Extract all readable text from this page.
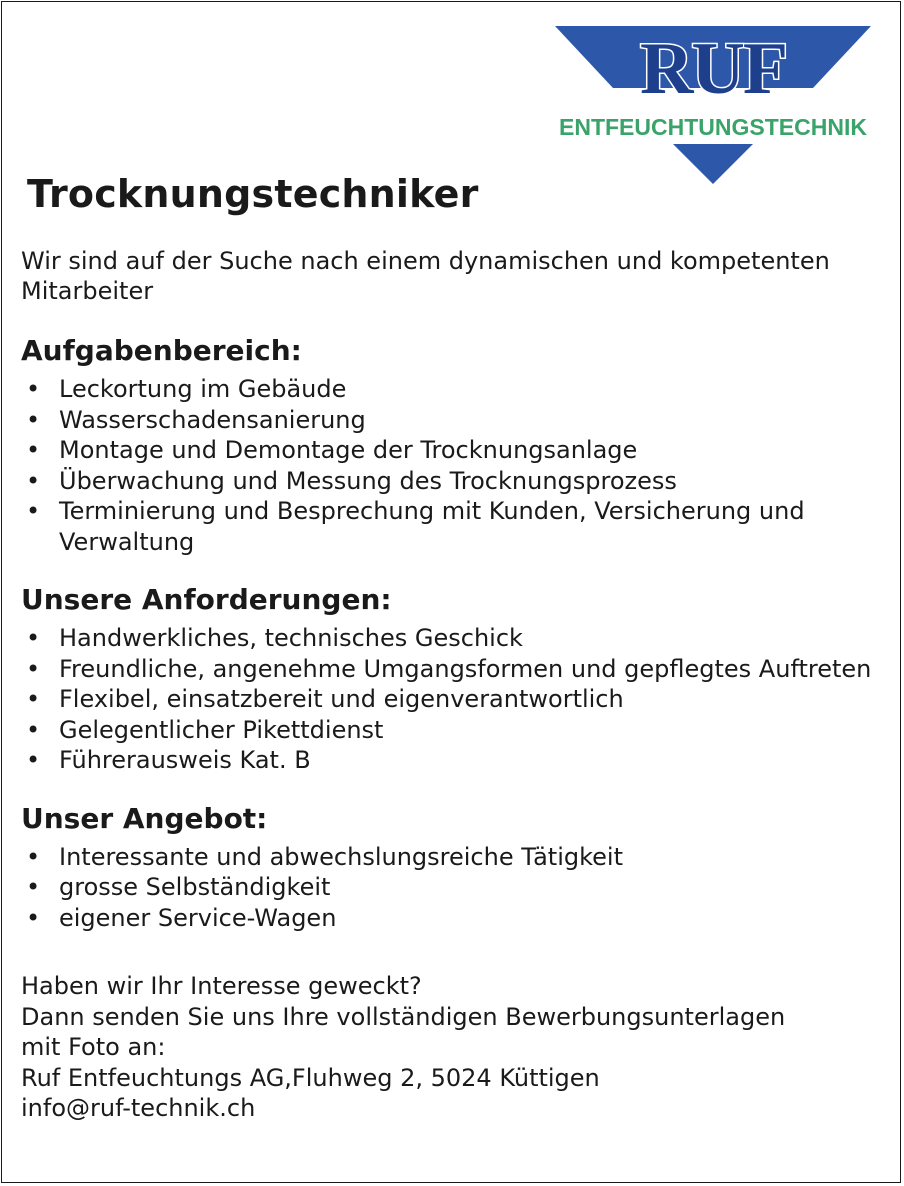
RUF
ENTFEUCHTUNGSTECHNIK
Trocknungstechniker

Wir sind auf der Suche nach einem dynamischen und kompetenten Mitarbeiter

Aufgabenbereich:
• Leckortung im Gebäude
• Wasserschadensanierung
• Montage und Demontage der Trocknungsanlage
• Überwachung und Messung des Trocknungsprozess
• Terminierung und Besprechung mit Kunden, Versicherung und Verwaltung
Unsere Anforderungen:
• Handwerkliches, technisches Geschick
• Freundliche, angenehme Umgangsformen und gepflegtes Auftreten
• Flexibel, einsatzbereit und eigenverantwortlich
• Gelegentlicher Pikettdienst
• Führerausweis Kat. B
Unser Angebot:
• Interessante und abwechslungsreiche Tätigkeit
• grosse Selbständigkeit
• eigener Service-Wagen
Haben wir Ihr Interesse geweckt?
Dann senden Sie uns Ihre vollständigen Bewerbungsunterlagen
mit Foto an:
Ruf Entfeuchtungs AG,Fluhweg 2, 5024 Küttigen
info@ruf-technik.ch
